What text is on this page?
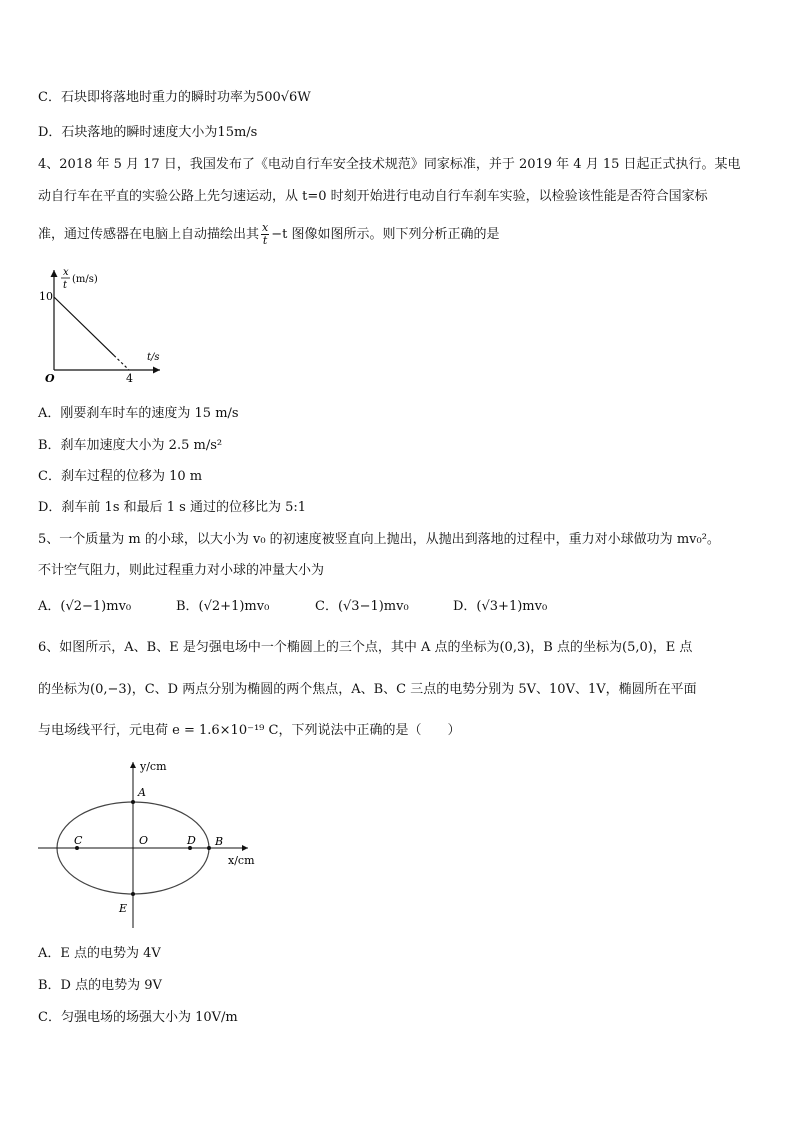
C．石块即将落地时重力的瞬时功率为500√6W
D．石块落地的瞬时速度大小为15m/s
4、2018 年 5 月 17 日，我国发布了《电动自行车安全技术规范》同家标准，并于 2019 年 4 月 15 日起正式执行。某电
动自行车在平直的实验公路上先匀速运动，从 t=0 时刻开始进行电动自行车刹车实验，以检验该性能是否符合国家标
准，通过传感器在电脑上自动描绘出其 $\frac{x}{t} -t$ 图像如图所示。则下列分析正确的是
x
t
(m/s)
10
O	4
t/s
A．刚要刹车时车的速度为 15 m/s
B．刹车加速度大小为 2.5 m/s²
C．刹车过程的位移为 10 m
D．刹车前 1s 和最后 1 s 通过的位移比为 5:1
5、一个质量为 m 的小球，以大小为 v₀ 的初速度被竖直向上抛出，从抛出到落地的过程中，重力对小球做功为 mv₀²。
不计空气阻力，则此过程重力对小球的冲量大小为
A．(√2−1)mv₀	B．(√2+1)mv₀	C．(√3−1)mv₀	D．(√3+1)mv₀
6、如图所示，A、B、E 是匀强电场中一个椭圆上的三个点，其中 A 点的坐标为(0,3)，B 点的坐标为(5,0)，E 点
的坐标为(0,−3)，C、D 两点分别为椭圆的两个焦点，A、B、C 三点的电势分别为 5V、10V、1V，椭圆所在平面
与电场线平行，元电荷 e = 1.6×10⁻¹⁹ C，下列说法中正确的是（　　）
y/cm
x/cm
A
B
C	D
E
O
A．E 点的电势为 4V
B．D 点的电势为 9V
C．匀强电场的场强大小为 10V/m
